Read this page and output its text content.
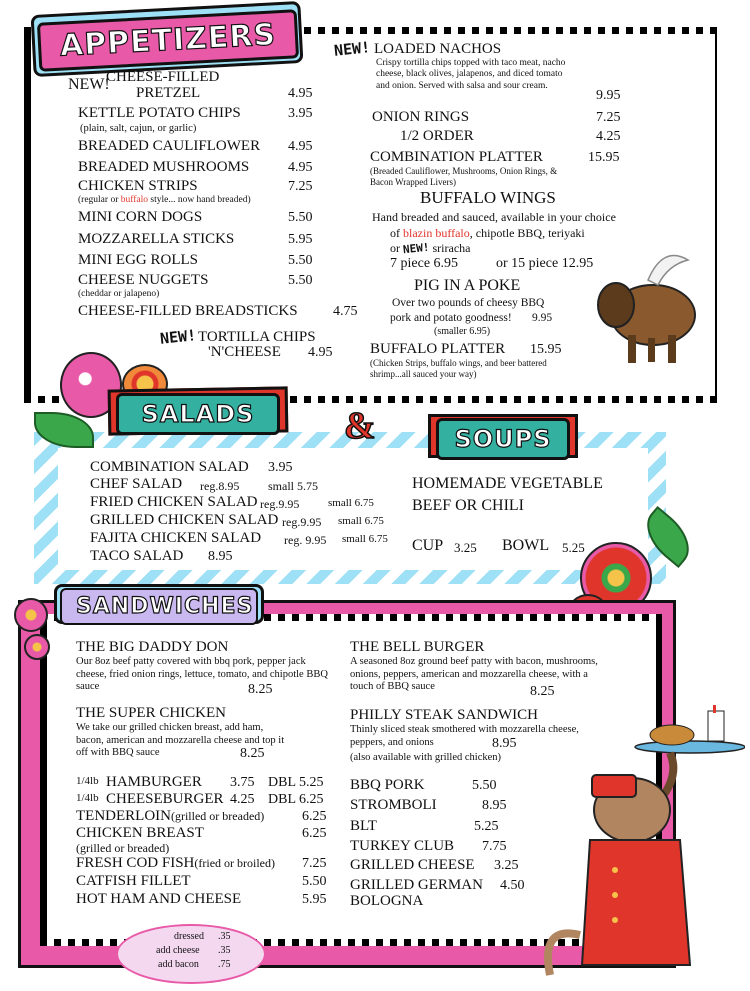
APPETIZERS
NEW!
CHEESE-FILLED
PRETZEL	4.95
KETTLE POTATO CHIPS	3.95
(plain, salt, cajun, or garlic)
BREADED CAULIFLOWER 4.95
BREADED MUSHROOMS	4.95
CHICKEN STRIPS	7.25
(regular or buffalo style... now hand breaded)
MINI CORN DOGS	5.50
MOZZARELLA STICKS	5.95
MINI EGG ROLLS	5.50
CHEESE NUGGETS	5.50
(cheddar or jalapeno)
CHEESE-FILLED BREADSTICKS	4.75
NEW! TORTILLA CHIPS
'N'CHEESE 4.95
NEW! LOADED NACHOS
Crispy tortilla chips topped with taco meat, nacho cheese, black olives, jalapenos, and diced tomato and onion. Served with salsa and sour cream.
9.95
ONION RINGS	7.25
1/2 ORDER	4.25
COMBINATION PLATTER	15.95
(Breaded Cauliflower, Mushrooms, Onion Rings, & Bacon Wrapped Livers)
BUFFALO WINGS
Hand breaded and sauced, available in your choice
of blazin buffalo, chipotle BBQ, teriyaki
or NEW! sriracha
7 piece 6.95	or 15 piece 12.95
PIG IN A POKE
Over two pounds of cheesy BBQ
pork and potato goodness! 9.95
(smaller 6.95)
BUFFALO PLATTER 15.95
(Chicken Strips, buffalo wings, and beer battered shrimp...all sauced your way)
SALADS	&	SOUPS
COMBINATION SALAD 3.95
CHEF SALAD reg.8.95 small 5.75
FRIED CHICKEN SALAD reg.9.95	small 6.75
GRILLED CHICKEN SALAD reg.9.95 small 6.75
FAJITA CHICKEN SALAD reg. 9.95 small 6.75
TACO SALAD 8.95
HOMEMADE VEGETABLE
BEEF OR CHILI
CUP 3.25 BOWL 5.25
SANDWICHES
THE BIG DADDY DON
Our 8oz beef patty covered with bbq pork, pepper jack cheese, fried onion rings, lettuce, tomato, and chipotle BBQ sauce	8.25
THE SUPER CHICKEN
We take our grilled chicken breast, add ham, bacon, american and mozzarella cheese and top it off with BBQ sauce	8.25
1/4lb HAMBURGER 3.75 DBL 5.25
1/4lb CHEESEBURGER 4.25 DBL 6.25
TENDERLOIN(grilled or breaded)	6.25
CHICKEN BREAST
(grilled or breaded)
6.25
FRESH COD FISH(fried or broiled) 7.25
CATFISH FILLET	5.50
HOT HAM AND CHEESE	5.95
THE BELL BURGER
A seasoned 8oz ground beef patty with bacon, mushrooms, onions, peppers, american and mozzarella cheese, with a touch of BBQ sauce	8.25
PHILLY STEAK SANDWICH
Thinly sliced steak smothered with mozzarella cheese, peppers, and onions	8.95
(also available with grilled chicken)
BBQ PORK	5.50
STROMBOLI	8.95
BLT	5.25
TURKEY CLUB 7.75
GRILLED CHEESE 3.25
GRILLED GERMAN
BOLOGNA
4.50
dressed .35
add cheese .35
add bacon .75
